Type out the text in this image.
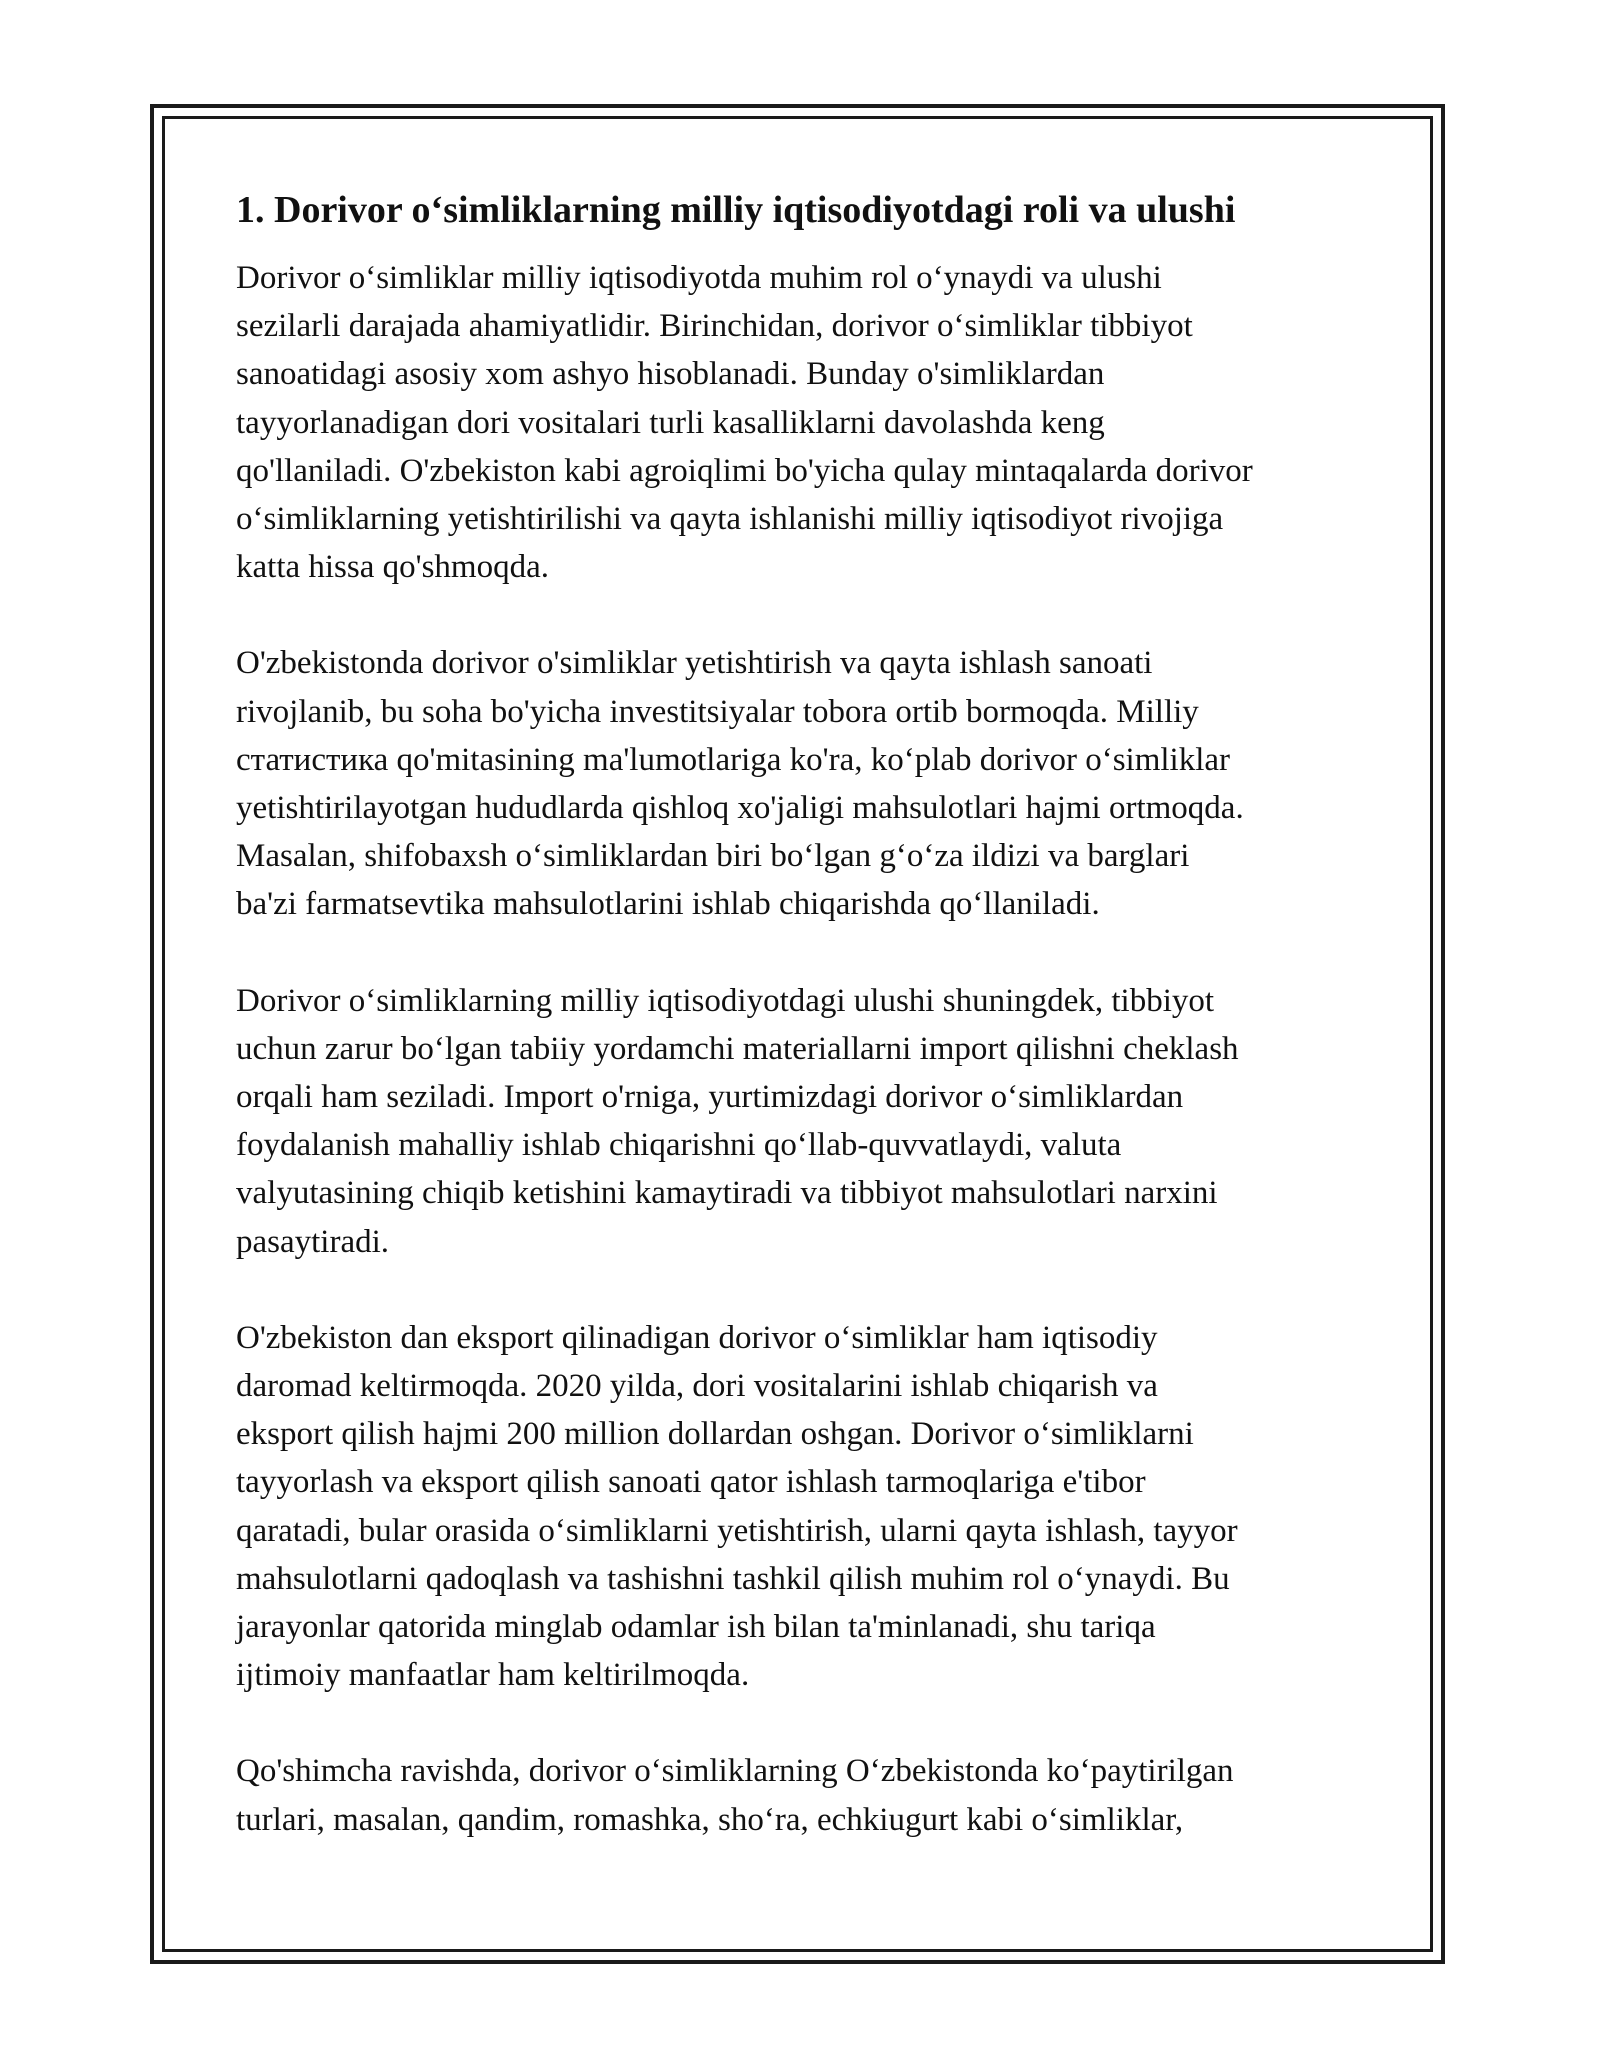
1. Dorivor o‘simliklarning milliy iqtisodiyotdagi roli va ulushi
Dorivor o‘simliklar milliy iqtisodiyotda muhim rol o‘ynaydi va ulushi
sezilarli darajada ahamiyatlidir. Birinchidan, dorivor o‘simliklar tibbiyot
sanoatidagi asosiy xom ashyo hisoblanadi. Bunday o'simliklardan
tayyorlanadigan dori vositalari turli kasalliklarni davolashda keng
qo'llaniladi. O'zbekiston kabi agroiqlimi bo'yicha qulay mintaqalarda dorivor
o‘simliklarning yetishtirilishi va qayta ishlanishi milliy iqtisodiyot rivojiga
katta hissa qo'shmoqda.
O'zbekistonda dorivor o'simliklar yetishtirish va qayta ishlash sanoati
rivojlanib, bu soha bo'yicha investitsiyalar tobora ortib bormoqda. Milliy
статистика qo'mitasining ma'lumotlariga ko'ra, ko‘plab dorivor o‘simliklar
yetishtirilayotgan hududlarda qishloq xo'jaligi mahsulotlari hajmi ortmoqda.
Masalan, shifobaxsh o‘simliklardan biri bo‘lgan g‘o‘za ildizi va barglari
ba'zi farmatsevtika mahsulotlarini ishlab chiqarishda qo‘llaniladi.
Dorivor o‘simliklarning milliy iqtisodiyotdagi ulushi shuningdek, tibbiyot
uchun zarur bo‘lgan tabiiy yordamchi materiallarni import qilishni cheklash
orqali ham seziladi. Import o'rniga, yurtimizdagi dorivor o‘simliklardan
foydalanish mahalliy ishlab chiqarishni qo‘llab-quvvatlaydi, valuta
valyutasining chiqib ketishini kamaytiradi va tibbiyot mahsulotlari narxini
pasaytiradi.
O'zbekiston dan eksport qilinadigan dorivor o‘simliklar ham iqtisodiy
daromad keltirmoqda. 2020 yilda, dori vositalarini ishlab chiqarish va
eksport qilish hajmi 200 million dollardan oshgan. Dorivor o‘simliklarni
tayyorlash va eksport qilish sanoati qator ishlash tarmoqlariga e'tibor
qaratadi, bular orasida o‘simliklarni yetishtirish, ularni qayta ishlash, tayyor
mahsulotlarni qadoqlash va tashishni tashkil qilish muhim rol o‘ynaydi. Bu
jarayonlar qatorida minglab odamlar ish bilan ta'minlanadi, shu tariqa
ijtimoiy manfaatlar ham keltirilmoqda.
Qo'shimcha ravishda, dorivor o‘simliklarning O‘zbekistonda ko‘paytirilgan
turlari, masalan, qandim, romashka, sho‘ra, echkiugurt kabi o‘simliklar,
